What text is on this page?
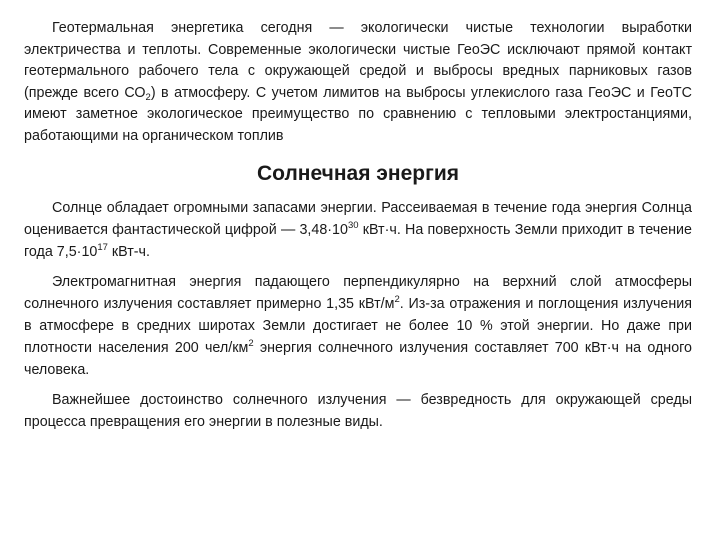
Геотермальная энергетика сегодня — экологически чистые технологии выработки электричества и теплоты. Современные экологически чистые ГеоЭС исключают прямой контакт геотермального рабочего тела с окружающей средой и выбросы вредных парниковых газов (прежде всего $СО_2$) в атмосферу. С учетом лимитов на выбросы углекислого газа ГеоЭС и ГеоТС имеют заметное экологическое преимущество по сравнению с тепловыми электростанциями, работающими на органическом топлив

Солнечная энергия

Солнце обладает огромными запасами энергии. Рассеиваемая в течение года энергия Солнца оценивается фантастической цифрой — $3,48\cdot 10^{30}$ кВт·ч. На поверхность Земли приходит в течение года $7,5\cdot 10^{17}$ кВт-ч.

Электромагнитная энергия падающего перпендикулярно на верхний слой атмосферы солнечного излучения составляет примерно 1,35 кВт/$м^2$. Из-за отражения и поглощения излучения в атмосфере в средних широтах Земли достигает не более 10 % этой энергии. Но даже при плотности населения 200 чел/$км^2$ энергия солнечного излучения составляет 700 кВт·ч на одного человека.

Важнейшее достоинство солнечного излучения — безвредность для окружающей среды процесса превращения его энергии в полезные виды.
